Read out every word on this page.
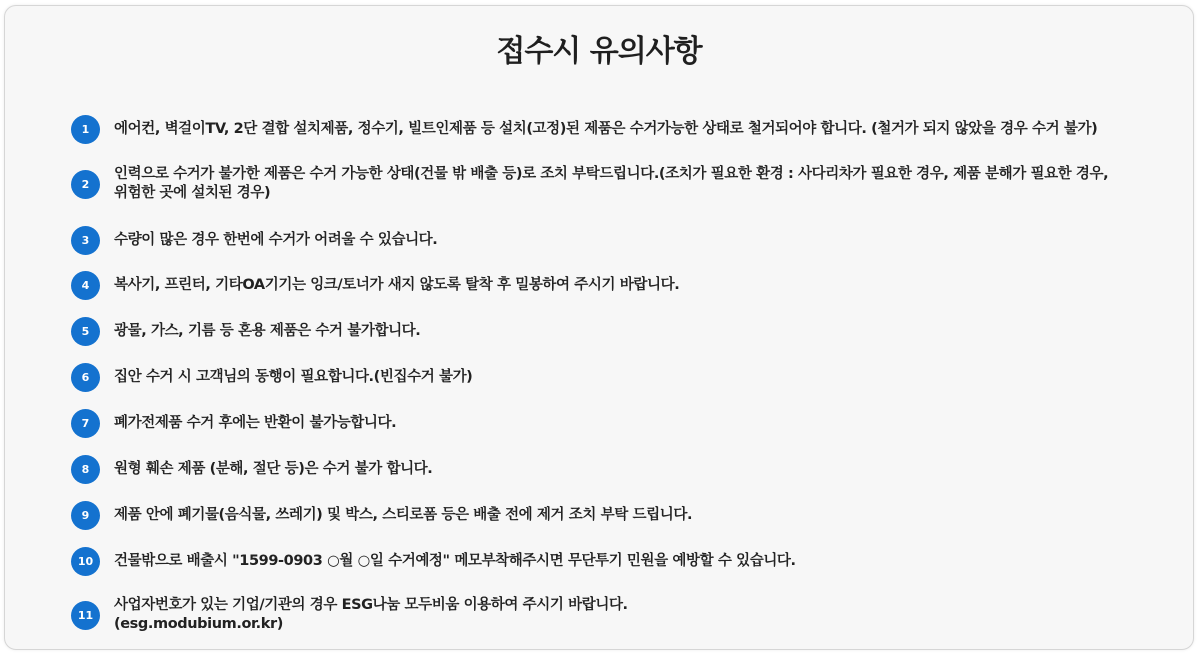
접수시 유의사항
1	에어컨, 벽걸이TV, 2단 결합 설치제품, 정수기, 빌트인제품 등 설치(고정)된 제품은 수거가능한 상태로 철거되어야 합니다. (철거가 되지 않았을 경우 수거 불가)
2
인력으로 수거가 불가한 제품은 수거 가능한 상태(건물 밖 배출 등)로 조치 부탁드립니다.(조치가 필요한 환경 : 사다리차가 필요한 경우, 제품 분해가 필요한 경우, 위험한 곳에 설치된 경우)
3	수량이 많은 경우 한번에 수거가 어려울 수 있습니다.
4	복사기, 프린터, 기타OA기기는 잉크/토너가 새지 않도록 탈착 후 밀봉하여 주시기 바랍니다.
5	광물, 가스, 기름 등 혼용 제품은 수거 불가합니다.
6	집안 수거 시 고객님의 동행이 필요합니다.(빈집수거 불가)
7	폐가전제품 수거 후에는 반환이 불가능합니다.
8	원형 훼손 제품 (분해, 절단 등)은 수거 불가 합니다.
9	제품 안에 폐기물(음식물, 쓰레기) 및 박스, 스티로폼 등은 배출 전에 제거 조치 부탁 드립니다.
10	건물밖으로 배출시 "1599-0903 ○월 ○일 수거예정" 메모부착해주시면 무단투기 민원을 예방할 수 있습니다.
11
사업자번호가 있는 기업/기관의 경우 ESG나눔 모두비움 이용하여 주시기 바랍니다.
(esg.modubium.or.kr)
